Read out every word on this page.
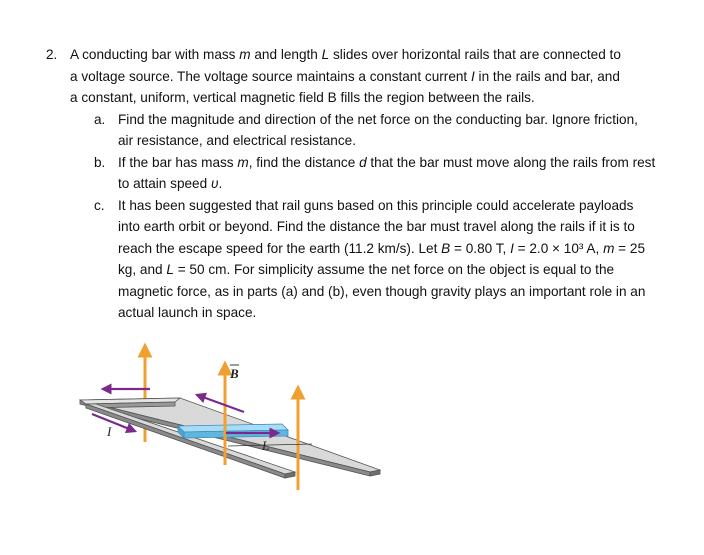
2. A conducting bar with mass m and length L slides over horizontal rails that are connected to a voltage source. The voltage source maintains a constant current I in the rails and bar, and a constant, uniform, vertical magnetic field B fills the region between the rails.
a. Find the magnitude and direction of the net force on the conducting bar. Ignore friction, air resistance, and electrical resistance.
b. If the bar has mass m, find the distance d that the bar must move along the rails from rest to attain speed υ.
c. It has been suggested that rail guns based on this principle could accelerate payloads into earth orbit or beyond. Find the distance the bar must travel along the rails if it is to reach the escape speed for the earth (11.2 km/s). Let B = 0.80 T, I = 2.0 × 10³ A, m = 25 kg, and L = 50 cm. For simplicity assume the net force on the object is equal to the magnetic force, as in parts (a) and (b), even though gravity plays an important role in an actual launch in space.
B
I
L
